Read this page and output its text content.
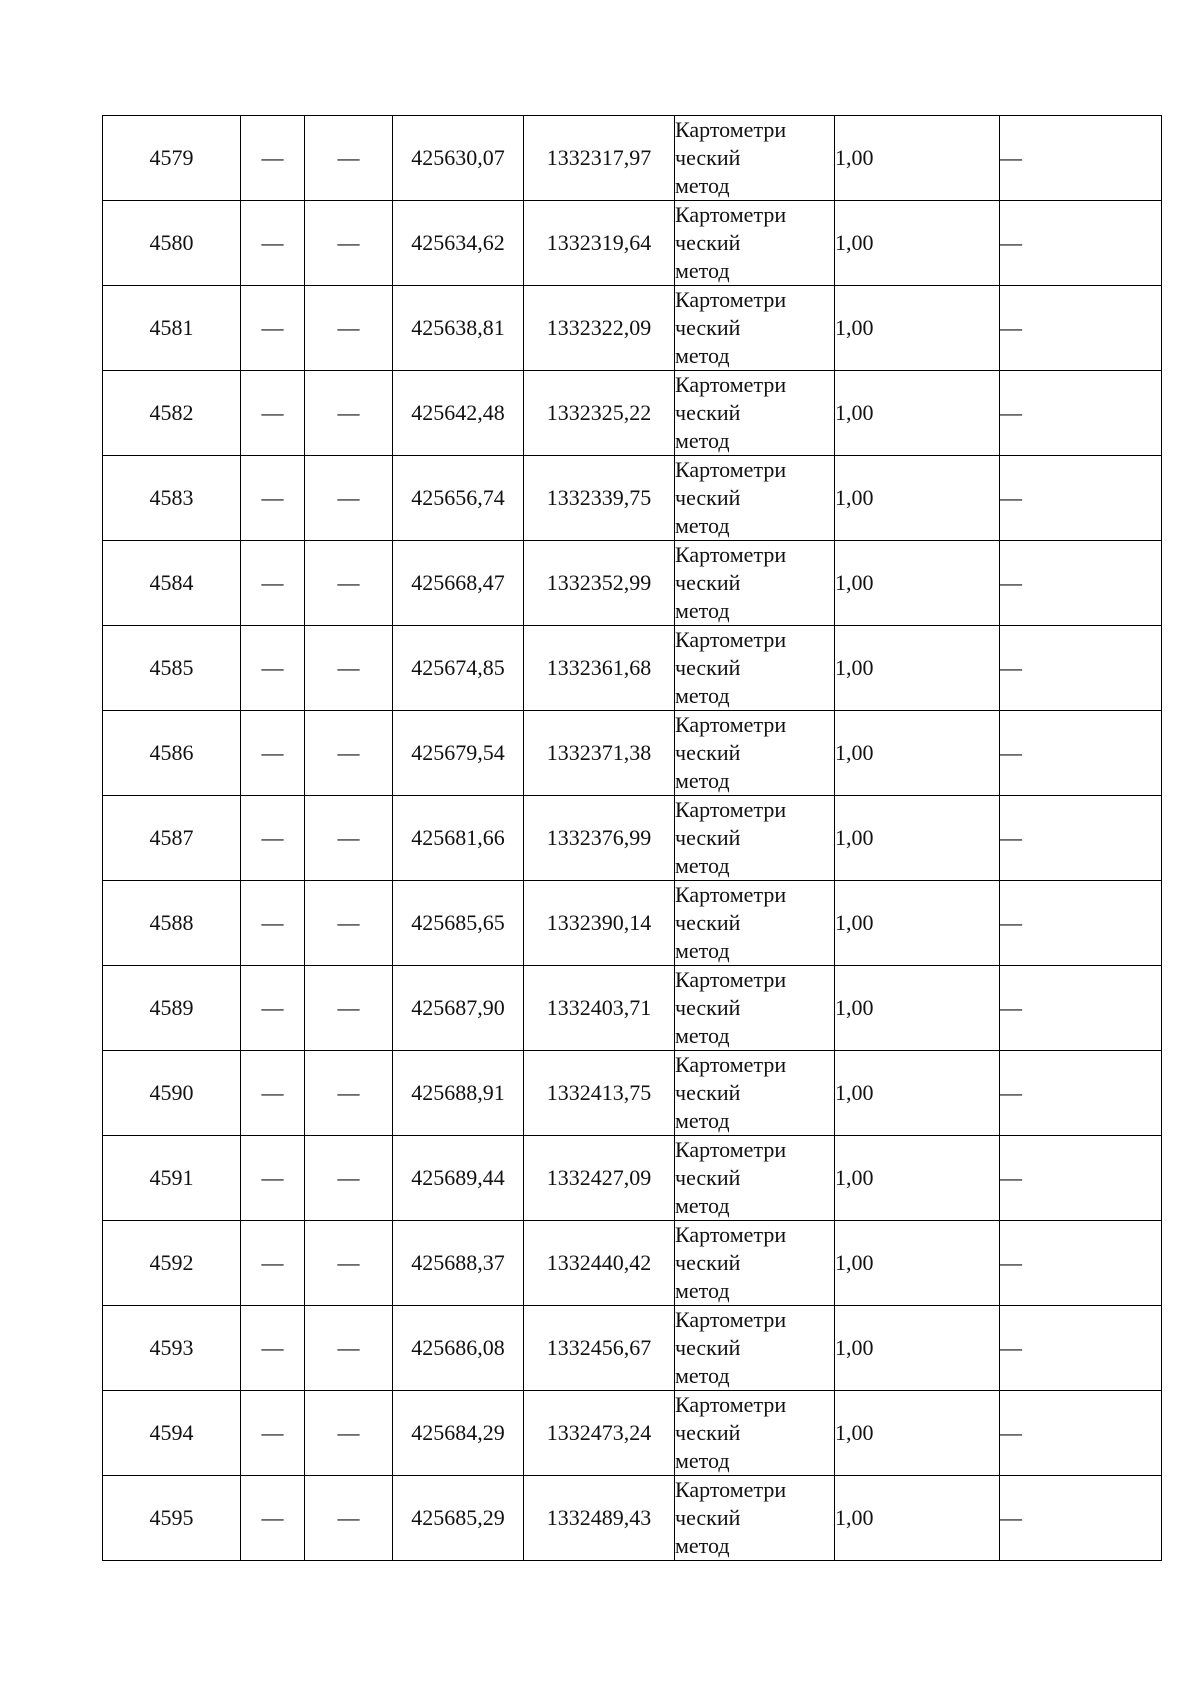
4579	—	—	425630,07	1332317,97	Картометри
ческий
метод	1,00	—
4580	—	—	425634,62	1332319,64	Картометри
ческий
метод	1,00	—
4581	—	—	425638,81	1332322,09	Картометри
ческий
метод	1,00	—
4582	—	—	425642,48	1332325,22	Картометри
ческий
метод	1,00	—
4583	—	—	425656,74	1332339,75	Картометри
ческий
метод	1,00	—
4584	—	—	425668,47	1332352,99	Картометри
ческий
метод	1,00	—
4585	—	—	425674,85	1332361,68	Картометри
ческий
метод	1,00	—
4586	—	—	425679,54	1332371,38	Картометри
ческий
метод	1,00	—
4587	—	—	425681,66	1332376,99	Картометри
ческий
метод	1,00	—
4588	—	—	425685,65	1332390,14	Картометри
ческий
метод	1,00	—
4589	—	—	425687,90	1332403,71	Картометри
ческий
метод	1,00	—
4590	—	—	425688,91	1332413,75	Картометри
ческий
метод	1,00	—
4591	—	—	425689,44	1332427,09	Картометри
ческий
метод	1,00	—
4592	—	—	425688,37	1332440,42	Картометри
ческий
метод	1,00	—
4593	—	—	425686,08	1332456,67	Картометри
ческий
метод	1,00	—
4594	—	—	425684,29	1332473,24	Картометри
ческий
метод	1,00	—
4595	—	—	425685,29	1332489,43	Картометри
ческий
метод	1,00	—
